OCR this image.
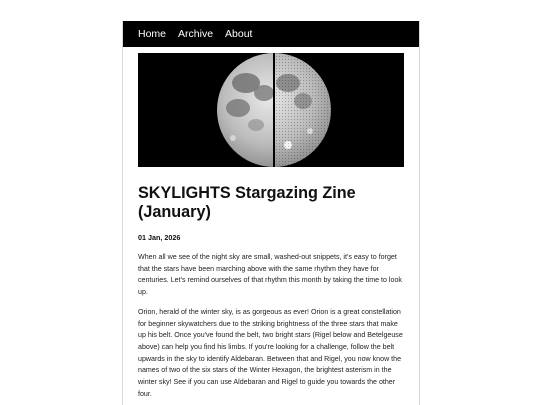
Home Archive About
SKYLIGHTS Stargazing Zine (January)
01 Jan, 2026

When all we see of the night sky are small, washed-out snippets, it's easy to forget that the stars have been marching above with the same rhythm they have for centuries. Let's remind ourselves of that rhythm this month by taking the time to look up.

Orion, herald of the winter sky, is as gorgeous as ever! Orion is a great constellation for beginner skywatchers due to the striking brightness of the three stars that make up his belt. Once you've found the belt, two bright stars (Rigel below and Betelgeuse above) can help you find his limbs. If you're looking for a challenge, follow the belt upwards in the sky to identify Aldebaran. Between that and Rigel, you now know the names of two of the six stars of the Winter Hexagon, the brightest asterism in the winter sky! See if you can use Aldebaran and Rigel to guide you towards the other four.
